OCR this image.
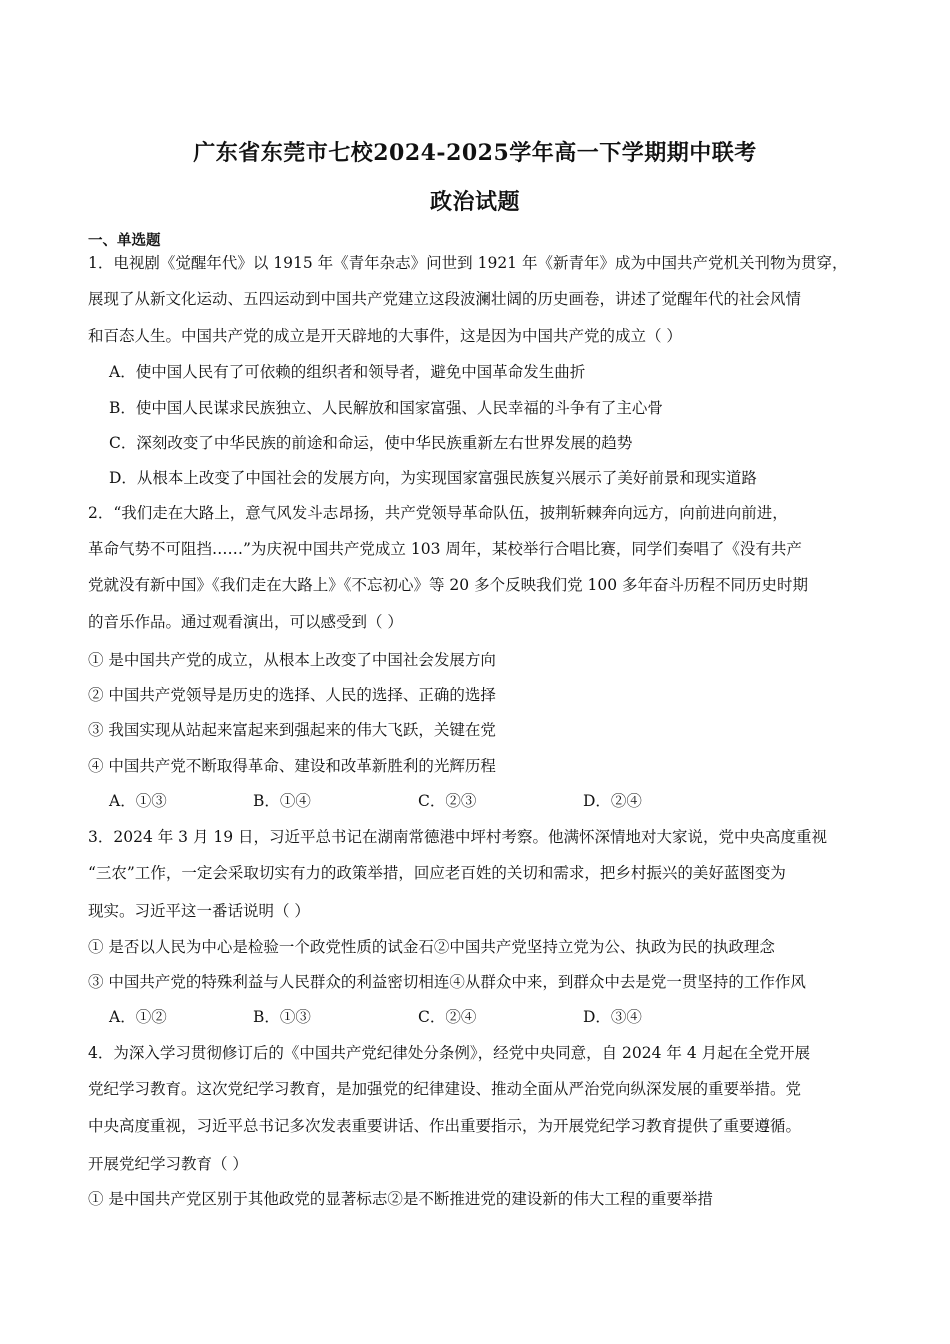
广东省东莞市七校2024-2025学年高一下学期期中联考
政治试题
一、单选题
1．电视剧《觉醒年代》以 1915 年《青年杂志》问世到 1921 年《新青年》成为中国共产党机关刊物为贯穿，
展现了从新文化运动、五四运动到中国共产党建立这段波澜壮阔的历史画卷，讲述了觉醒年代的社会风情
和百态人生。中国共产党的成立是开天辟地的大事件，这是因为中国共产党的成立（ ）
A．使中国人民有了可依赖的组织者和领导者，避免中国革命发生曲折
B．使中国人民谋求民族独立、人民解放和国家富强、人民幸福的斗争有了主心骨
C．深刻改变了中华民族的前途和命运，使中华民族重新左右世界发展的趋势
D．从根本上改变了中国社会的发展方向，为实现国家富强民族复兴展示了美好前景和现实道路
2．“我们走在大路上，意气风发斗志昂扬，共产党领导革命队伍，披荆斩棘奔向远方，向前进向前进，
革命气势不可阻挡……”为庆祝中国共产党成立 103 周年，某校举行合唱比赛，同学们奏唱了《没有共产
党就没有新中国》《我们走在大路上》《不忘初心》等 20 多个反映我们党 100 多年奋斗历程不同历史时期
的音乐作品。通过观看演出，可以感受到（ ）
① 是中国共产党的成立，从根本上改变了中国社会发展方向
② 中国共产党领导是历史的选择、人民的选择、正确的选择
③ 我国实现从站起来富起来到强起来的伟大飞跃，关键在党
④ 中国共产党不断取得革命、建设和改革新胜利的光辉历程
A．①③	B．①④	C．②③	D．②④
3．2024 年 3 月 19 日，习近平总书记在湖南常德港中坪村考察。他满怀深情地对大家说，党中央高度重视
“三农”工作，一定会采取切实有力的政策举措，回应老百姓的关切和需求，把乡村振兴的美好蓝图变为
现实。习近平这一番话说明（ ）
① 是否以人民为中心是检验一个政党性质的试金石②中国共产党坚持立党为公、执政为民的执政理念
③ 中国共产党的特殊利益与人民群众的利益密切相连④从群众中来，到群众中去是党一贯坚持的工作作风
A．①②	B．①③	C．②④	D．③④
4．为深入学习贯彻修订后的《中国共产党纪律处分条例》，经党中央同意，自 2024 年 4 月起在全党开展
党纪学习教育。这次党纪学习教育，是加强党的纪律建设、推动全面从严治党向纵深发展的重要举措。党
中央高度重视，习近平总书记多次发表重要讲话、作出重要指示，为开展党纪学习教育提供了重要遵循。
开展党纪学习教育（ ）
① 是中国共产党区别于其他政党的显著标志②是不断推进党的建设新的伟大工程的重要举措
